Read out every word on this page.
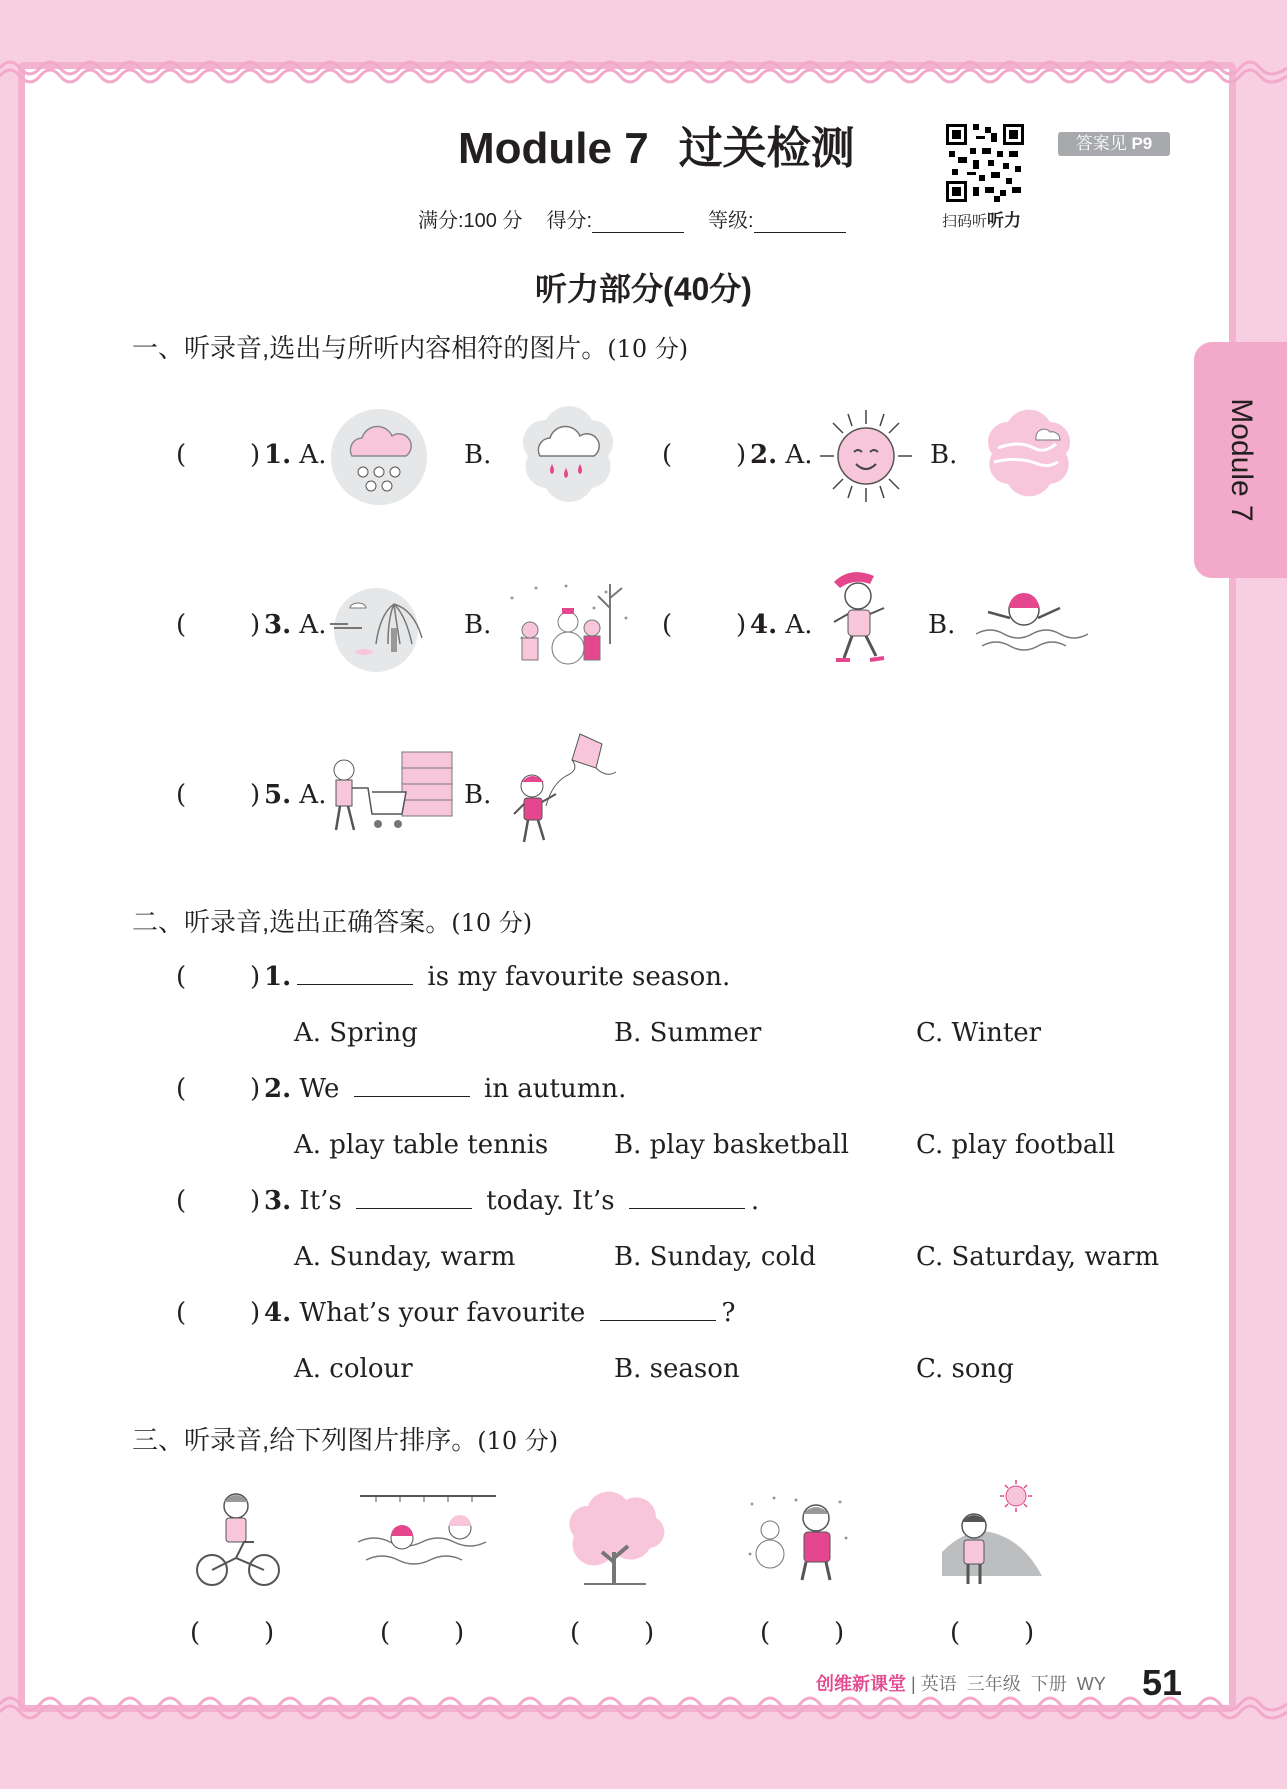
Module 7
Module 7 过关检测
扫码听听力
答案见 P9
满分:100 分 得分:	等级:
听力部分(40分)
一、听录音,选出与所听内容相符的图片。(10 分)
( ) 1. A.	B.	( ) 2. A.	B.
( ) 3. A.	B.	( ) 4. A.	B.
( ) 5. A.	B.
二、听录音,选出正确答案。(10 分)
( ) 1.	is my favourite season.
A. Spring	B. Summer	C. Winter
( ) 2. We	in autumn.
A. play table tennis	B. play basketball	C. play football
( ) 3. It’s	today. It’s	.
A. Sunday, warm	B. Sunday, cold	C. Saturday, warm
( ) 4. What’s your favourite	?
A. colour	B. season	C. song
三、听录音,给下列图片排序。(10 分)
( )	( )	( )	( )	( )
创维新课堂 | 英语 三年级 下册 WY 51
